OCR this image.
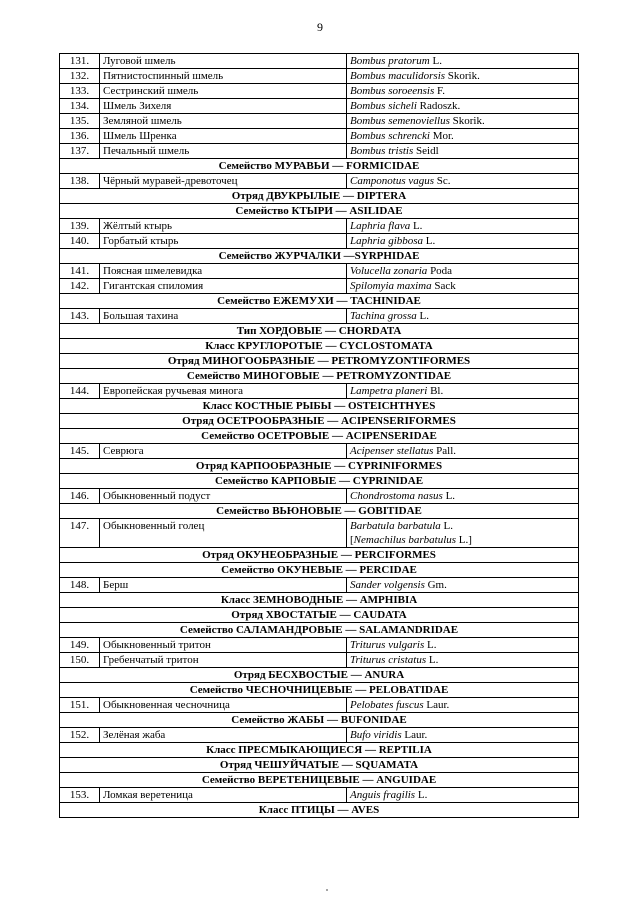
9
131.	Луговой шмель	Bombus pratorum L.
132.	Пятнистоспинный шмель	Bombus maculidorsis Skorik.
133.	Сестринский шмель	Bombus soroeensis F.
134.	Шмель Зихеля	Bombus sicheli Radoszk.
135.	Земляной шмель	Bombus semenoviellus Skorik.
136.	Шмель Шренка	Bombus schrencki Mor.
137.	Печальный шмель	Bombus tristis Seidl
Семейство МУРАВЬИ — FORMICIDAE		
138.	Чёрный муравей-древоточец	Camponotus vagus Sc.
Отряд ДВУКРЫЛЫЕ — DIPTERA		
Семейство КТЫРИ — ASILIDAE		
139.	Жёлтый ктырь	Laphria flava L.
140.	Горбатый ктырь	Laphria gibbosa L.
Семейство ЖУРЧАЛКИ —SYRPHIDAE		
141.	Поясная шмелевидка	Volucella zonaria Poda
142.	Гигантская спиломия	Spilomyia maxima Sack
Семейство ЕЖЕМУХИ — TACHINIDAE		
143.	Большая тахина	Tachina grossa L.
Тип ХОРДОВЫЕ — CHORDATA		
Класс КРУГЛОРОТЫЕ — CYCLOSTOMATA		
Отряд МИНОГООБРАЗНЫЕ — PETROMYZONTIFORMES		
Семейство МИНОГОВЫЕ — PETROMYZONTIDAE		
144.	Европейская ручьевая минога	Lampetra planeri Bl.
Класс КОСТНЫЕ РЫБЫ — OSTEICHTHYES		
Отряд ОСЕТРООБРАЗНЫЕ — ACIPENSERIFORMES		
Семейство ОСЕТРОВЫЕ — ACIPENSERIDAE		
145.	Севрюга	Acipenser stellatus Pall.
Отряд КАРПООБРАЗНЫЕ — CYPRINIFORMES		
Семейство КАРПОВЫЕ — CYPRINIDAE		
146.	Обыкновенный подуст	Chondrostoma nasus L.
Семейство ВЬЮНОВЫЕ — GOBITIDAE		
147.	Обыкновенный голец	Barbatula barbatula L.
[Nemachilus barbatulus L.]
Отряд ОКУНЕОБРАЗНЫЕ — PERCIFORMES		
Семейство ОКУНЕВЫЕ — PERCIDAE		
148.	Берш	Sander volgensis Gm.
Класс ЗЕМНОВОДНЫЕ — AMPHIBIA		
Отряд ХВОСТАТЫЕ — CAUDATA		
Семейство САЛАМАНДРОВЫЕ — SALAMANDRIDAE		
149.	Обыкновенный тритон	Triturus vulgaris L.
150.	Гребенчатый тритон	Triturus cristatus L.
Отряд БЕСХВОСТЫЕ — ANURA		
Семейство ЧЕСНОЧНИЦЕВЫЕ — PELOBATIDAE		
151.	Обыкновенная чесночница	Pelobates fuscus Laur.
Семейство ЖАБЫ — BUFONIDAE		
152.	Зелёная жаба	Bufo viridis Laur.
Класс ПРЕСМЫКАЮЩИЕСЯ — REPTILIA		
Отряд ЧЕШУЙЧАТЫЕ — SQUAMATA		
Семейство ВЕРЕТЕНИЦЕВЫЕ — ANGUIDAE		
153.	Ломкая веретеница	Anguis fragilis L.
Класс ПТИЦЫ — AVES		
